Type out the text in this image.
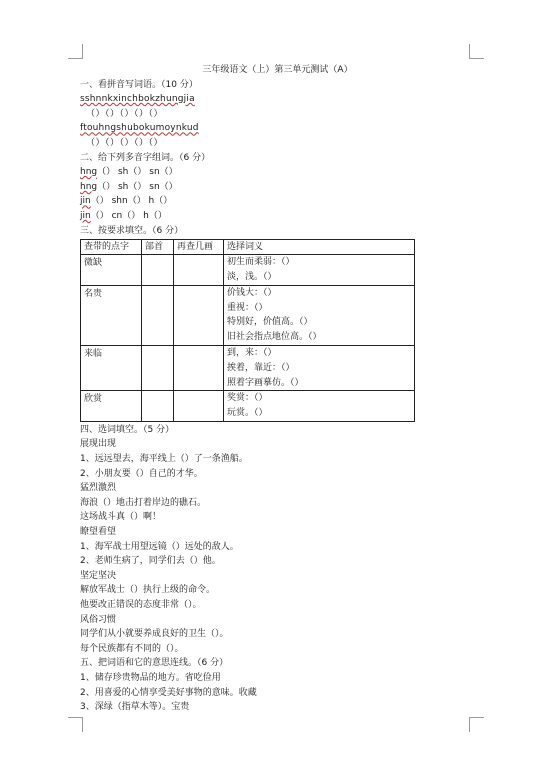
三年级语文（上）第三单元测试（A）
一、看拼音写词语。（10 分）
sshnnkxinchbokzhungjia
（）（）（）（）（）
ftouhngshubokumoynkud
（）（）（）（）（）
二、给下列多音字组词。（6 分）
hng（） sh（） sn（）
hng（） sh（） sn（）
jin（） shn（） h（）
jin（） cn（） h（）
三、按要求填空。（6 分）
查带的点字	部首	再查几画	选择词义
微缺			初生而柔弱：（）
淡，浅。（）

名贵			价钱大：（）
重视：（）
特别好，价值高。（）
旧社会指点地位高。（）

来临			到，来：（）
挨着，靠近：（）
照着字画摹仿。（）

欣赏			奖赏：（）
玩赏。（）
四、选词填空。（5 分）
展现出现
1、远远望去，海平线上（）了一条渔船。
2、小朋友要（）自己的才华。
猛烈激烈
海浪（）地击打着岸边的礁石。
这场战斗真（）啊！
瞭望看望
1、海军战士用望远镜（）远处的敌人。
2、老师生病了，同学们去（）他。
坚定坚决
解放军战士（）执行上级的命令。
他要改正错误的态度非常（）。
风俗习惯
同学们从小就要养成良好的卫生（）。
每个民族都有不同的（）。
五、把词语和它的意思连线。（6 分）
1、储存珍贵物品的地方。省吃俭用
2、用喜爱的心情享受美好事物的意味。收藏
3、深绿（指草木等）。宝贵
